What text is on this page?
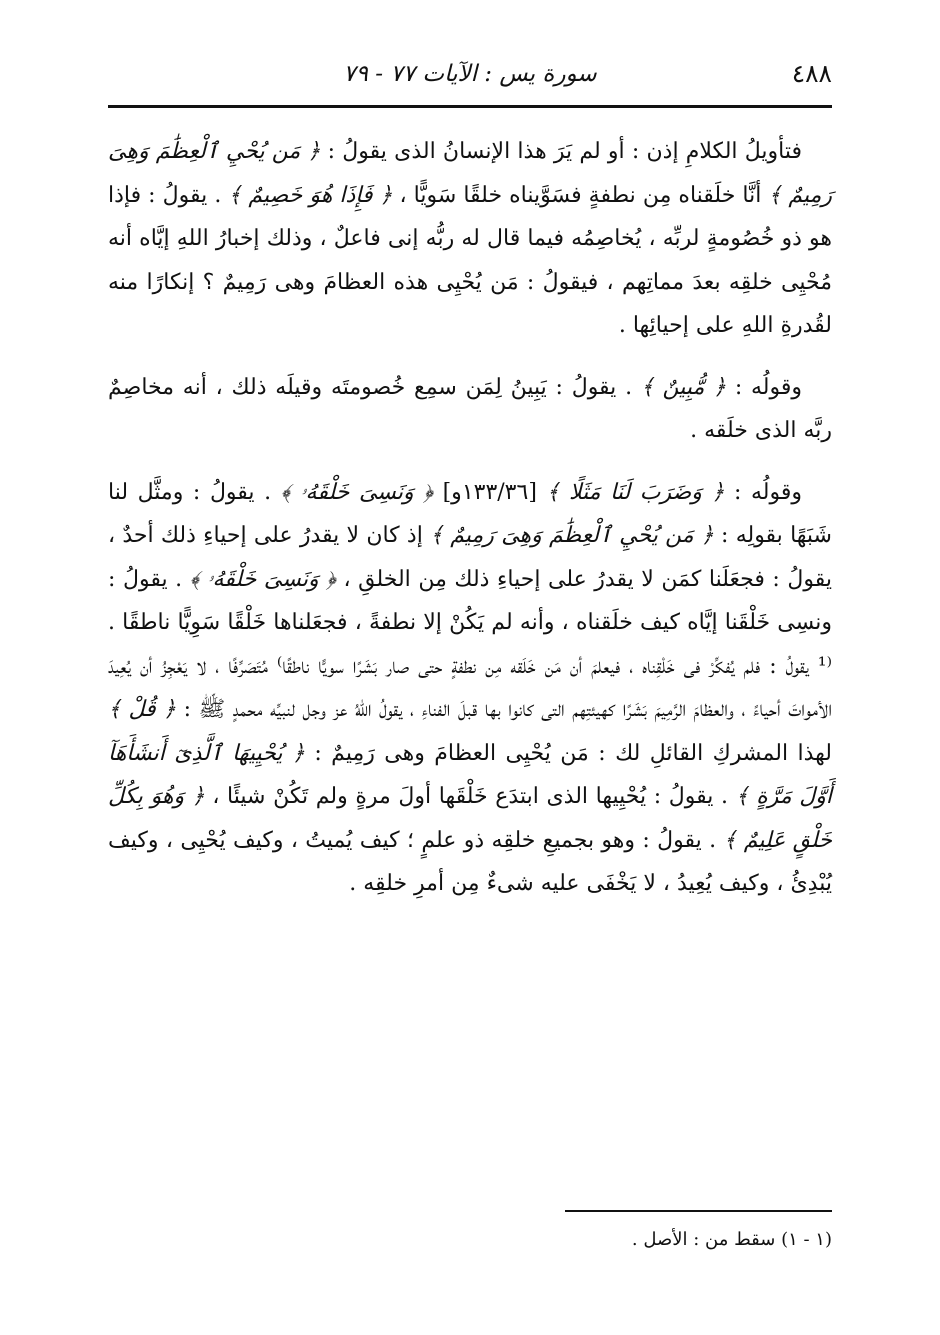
٤٨٨
سورة يس : الآيات ٧٧ - ٧٩

فتأويلُ الكلامِ إذن : أو لم يَرَ هذا الإنسانُ الذى يقولُ : ﴿ مَن يُحْيِ ٱلْعِظَٰمَ وَهِىَ رَمِيمٌ ﴾ أنَّا خلَقناه مِن نطفةٍ فسَوَّيناه خلقًا سَويًّا ، ﴿ فَإِذَا هُوَ خَصِيمٌ ﴾ . يقولُ : فإذا هو ذو خُصُومةٍ لربِّه ، يُخاصِمُه فيما قال له ربُّه إنى فاعلٌ ، وذلك إخبارُ اللهِ إيَّاه أنه مُحْيِى خلقِه بعدَ مماتِهم ، فيقولُ : مَن يُحْيِى هذه العظامَ وهى رَمِيمٌ ؟ إنكارًا منه لقُدرةِ اللهِ على إحيائِها .

وقولُه : ﴿ مُّبِينٌ ﴾ . يقولُ : يَبِينُ لِمَن سمِع خُصومتَه وقيلَه ذلك ، أنه مخاصِمٌ ربَّه الذى خلَقه .

وقولُه : ﴿ وَضَرَبَ لَنَا مَثَلًا ﴾ [١٣٣/٣٦و] ﴿ وَنَسِىَ خَلْقَهُۥ ﴾ . يقولُ : ومثَّل لنا شَبَهًا بقولِه : ﴿ مَن يُحْيِ ٱلْعِظَٰمَ وَهِىَ رَمِيمٌ ﴾ إذ كان لا يقدرُ على إحياءِ ذلك أحدٌ ، يقولُ : فجعَلَنا كمَن لا يقدرُ على إحياءِ ذلك مِن الخلقِ ، ﴿ وَنَسِىَ خَلْقَهُۥ ﴾ . يقولُ : ونسِى خَلْقَنا إيَّاه كيف خلَقناه ، وأنه لم يَكُنْ إلا نطفةً ، فجعَلناها خَلْقًا سَوِيًّا ناطقًا . ⁽¹ يقولُ : فلم يُفكِّرْ فى خَلْقِناه ، فيعلمَ أن مَن خَلَقه مِن نطفةٍ حتى صار بَشَرًا سويًّا ناطقًا⁾ مُتَصَرِّفًا ، لا يَعْجِزُ أن يُعِيدَ الأمواتَ أحياءً ، والعظامَ الرَّمِيمَ بَشَرًا كهيئتِهم التى كانوا بها قبلَ الفناءِ ، يقولُ اللهُ عز وجل لنبيِّه محمدٍ ﷺ : ﴿ قُلْ ﴾ لهذا المشركِ القائلِ لك : مَن يُحْيِى العظامَ وهى رَمِيمٌ : ﴿ يُحْيِيهَا ٱلَّذِىٓ أَنشَأَهَآ أَوَّلَ مَرَّةٍ ﴾ . يقولُ : يُحْيِيها الذى ابتدَع خَلْقَها أولَ مرةٍ ولم تَكُنْ شيئًا ، ﴿ وَهُوَ بِكُلِّ خَلْقٍ عَلِيمٌ ﴾ . يقولُ : وهو بجميعِ خلقِه ذو علمٍ ؛ كيف يُميتُ ، وكيف يُحْيِى ، وكيف يُبْدِئُ ، وكيف يُعِيدُ ، لا يَخْفَى عليه شىءٌ مِن أمرِ خلقِه .

(١ - ١) سقط من : الأصل .
